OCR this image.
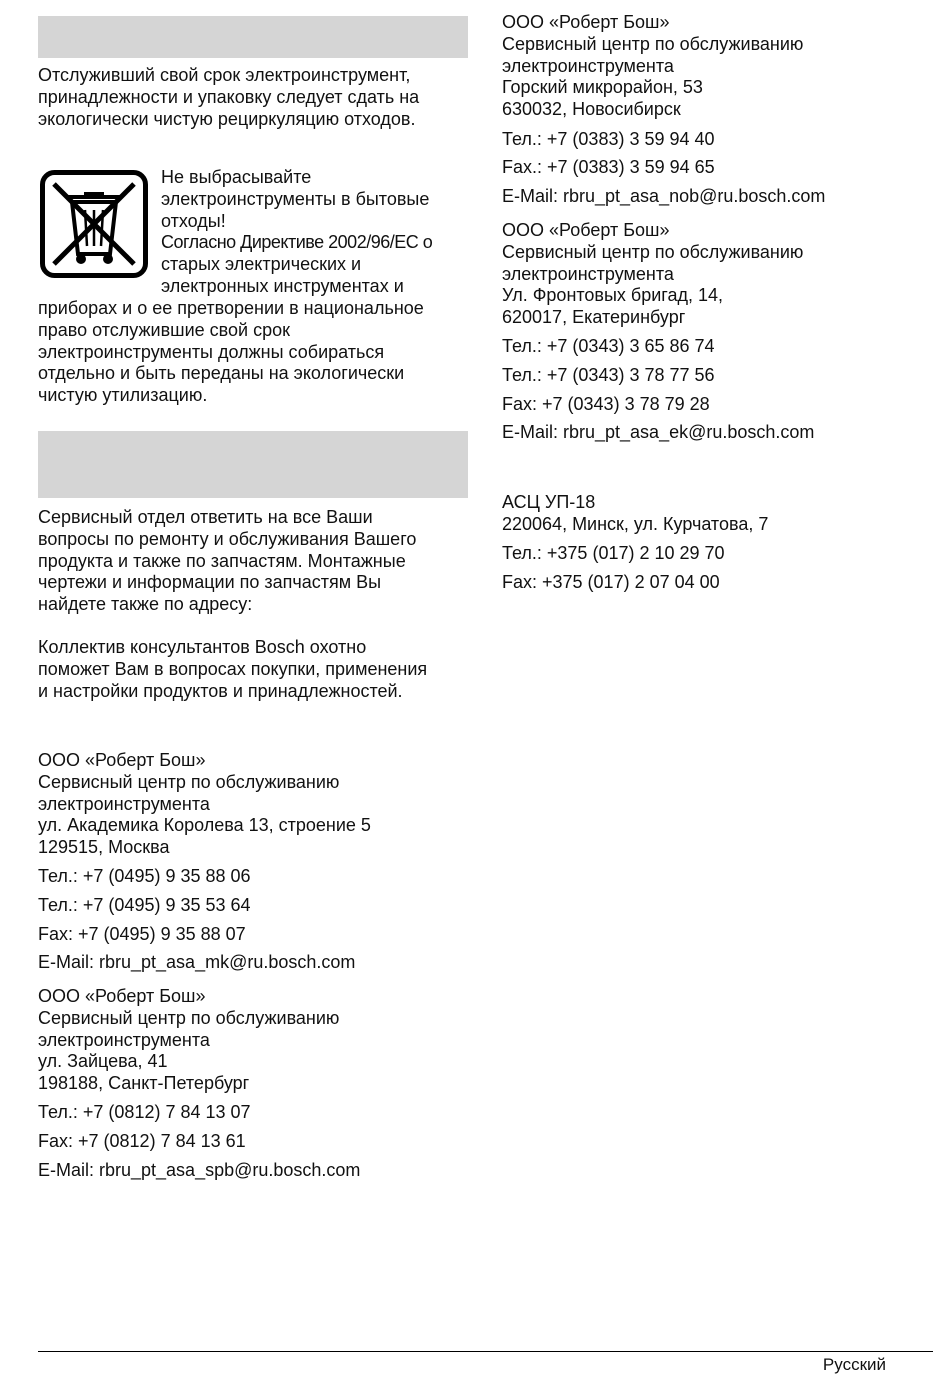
Отслуживший свой срок электроинструмент,
принадлежности и упаковку следует сдать на
экологически чистую рециркуляцию отходов.
Не выбрасывайте
электроинструменты в бытовые
отходы!
Согласно Директиве 2002/96/EC о
старых электрических и
электронных инструментах и
приборах и о ее претворении в национальное
право отслужившие свой срок
электроинструменты должны собираться
отдельно и быть переданы на экологически
чистую утилизацию.
Сервисный отдел ответить на все Ваши
вопросы по ремонту и обслуживания Вашего
продукта и также по запчастям. Монтажные
чертежи и информации по запчастям Вы
найдете также по адресу:
Коллектив консультантов Bosch охотно
поможет Вам в вопросах покупки, применения
и настройки продуктов и принадлежностей.
ООО «Роберт Бош»
Сервисный центр по обслуживанию
электроинструмента
ул. Академика Королева 13, строение 5
129515, Москва
Тел.: +7 (0495) 9 35 88 06
Тел.: +7 (0495) 9 35 53 64
Fax: +7 (0495) 9 35 88 07
E-Mail: rbru_pt_asa_mk@ru.bosch.com
ООО «Роберт Бош»
Сервисный центр по обслуживанию
электроинструмента
ул. Зайцева, 41
198188, Санкт-Петербург
Тел.: +7 (0812) 7 84 13 07
Fax: +7 (0812) 7 84 13 61
E-Mail: rbru_pt_asa_spb@ru.bosch.com
ООО «Роберт Бош»
Сервисный центр по обслуживанию
электроинструмента
Горский микрорайон, 53
630032, Новосибирск
Тел.: +7 (0383) 3 59 94 40
Fax.: +7 (0383) 3 59 94 65
E-Mail: rbru_pt_asa_nob@ru.bosch.com
ООО «Роберт Бош»
Сервисный центр по обслуживанию
электроинструмента
Ул. Фронтовых бригад, 14,
620017, Екатеринбург
Тел.: +7 (0343) 3 65 86 74
Тел.: +7 (0343) 3 78 77 56
Fax: +7 (0343) 3 78 79 28
E-Mail: rbru_pt_asa_ek@ru.bosch.com
АСЦ УП-18
220064, Минск, ул. Курчатова, 7
Тел.: +375 (017) 2 10 29 70
Fax: +375 (017) 2 07 04 00
Русский
